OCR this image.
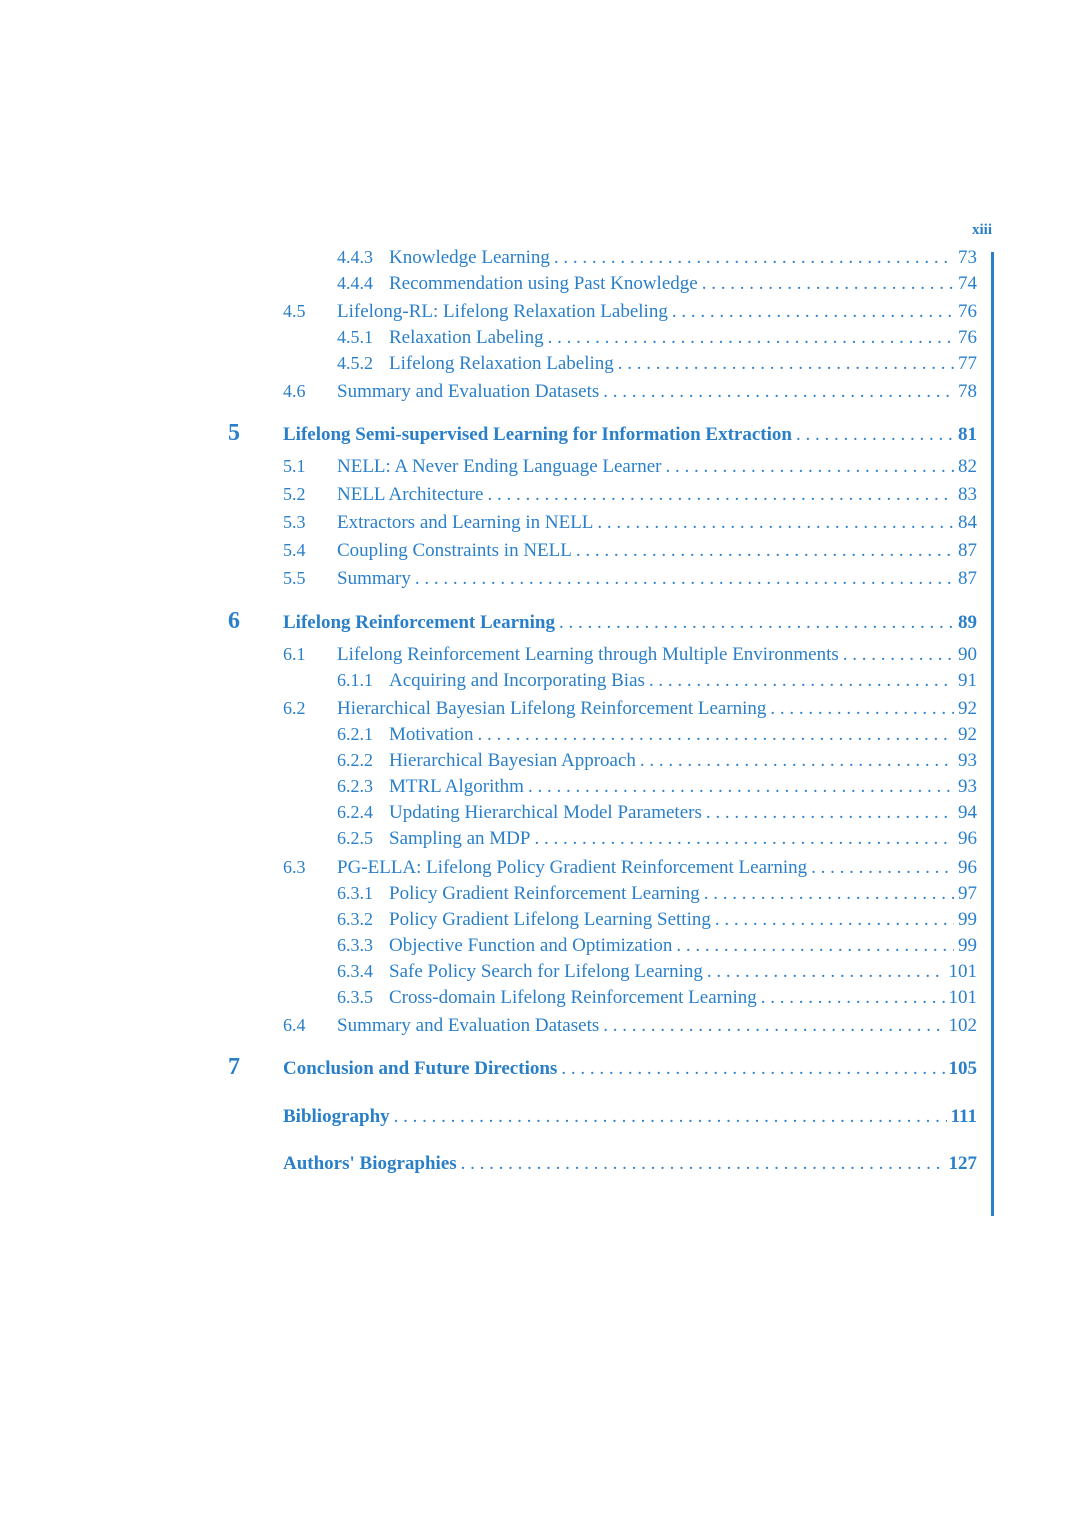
xiii
4.4.3 Knowledge Learning . . .	73
4.4.4 Recommendation using Past Knowledge . . .	74
4.5 Lifelong-RL: Lifelong Relaxation Labeling . . .	76
4.5.1 Relaxation Labeling . . .	76
4.5.2 Lifelong Relaxation Labeling . . .	77
4.6 Summary and Evaluation Datasets . . .	78
5 Lifelong Semi-supervised Learning for Information Extraction . . .	81
5.1 NELL: A Never Ending Language Learner . . .	82
5.2 NELL Architecture . . .	83
5.3 Extractors and Learning in NELL . . .	84
5.4 Coupling Constraints in NELL . . .	87
5.5 Summary . . .	87
6 Lifelong Reinforcement Learning . . .	89
6.1 Lifelong Reinforcement Learning through Multiple Environments . . .	90
6.1.1 Acquiring and Incorporating Bias . . .	91
6.2 Hierarchical Bayesian Lifelong Reinforcement Learning . . .	92
6.2.1 Motivation . . .	92
6.2.2 Hierarchical Bayesian Approach . . .	93
6.2.3 MTRL Algorithm . . .	93
6.2.4 Updating Hierarchical Model Parameters . . .	94
6.2.5 Sampling an MDP . . .	96
6.3 PG-ELLA: Lifelong Policy Gradient Reinforcement Learning . . .	96
6.3.1 Policy Gradient Reinforcement Learning . . .	97
6.3.2 Policy Gradient Lifelong Learning Setting . . .	99
6.3.3 Objective Function and Optimization . . .	99
6.3.4 Safe Policy Search for Lifelong Learning . . .	101
6.3.5 Cross-domain Lifelong Reinforcement Learning . . .	101
6.4 Summary and Evaluation Datasets . . .	102
7 Conclusion and Future Directions . . .	105
Bibliography . . .	111
Authors' Biographies . . .	127
